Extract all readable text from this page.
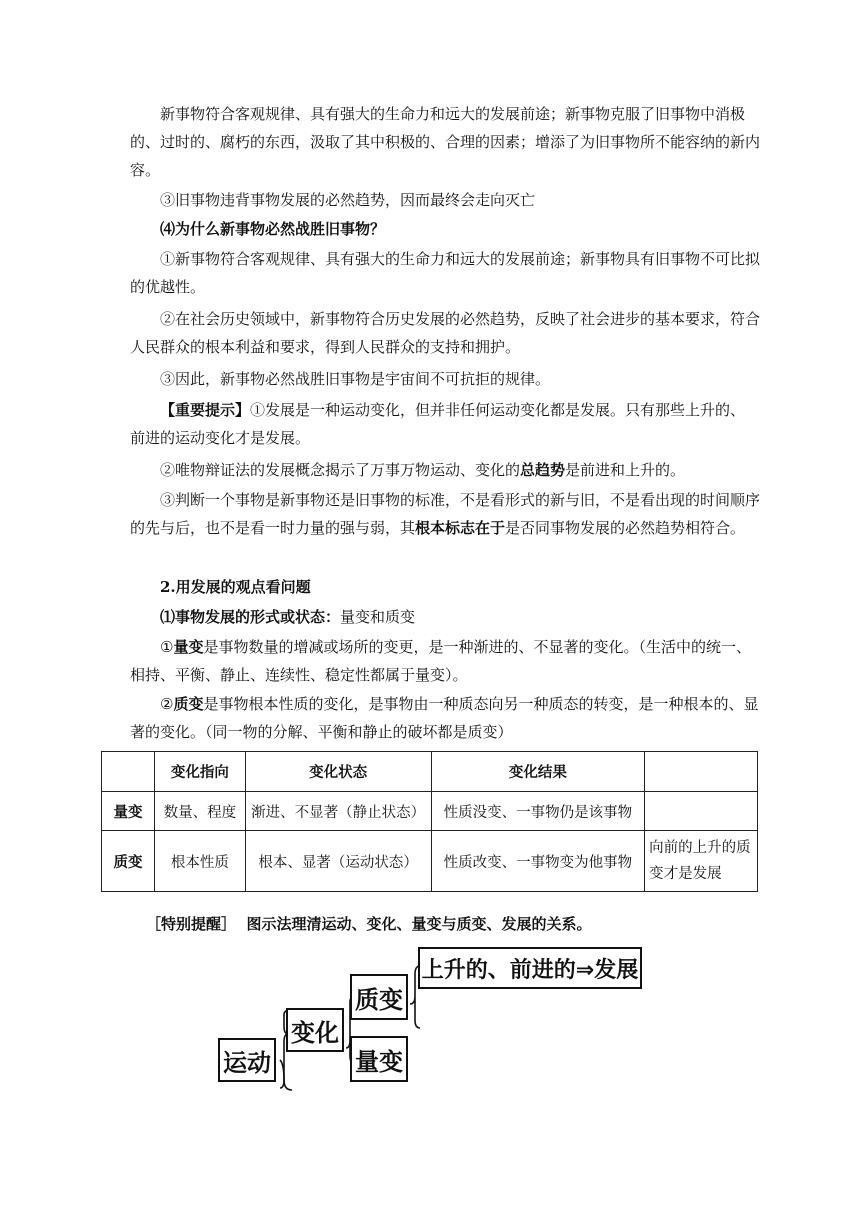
新事物符合客观规律、具有强大的生命力和远大的发展前途；新事物克服了旧事物中消极的、过时的、腐朽的东西，汲取了其中积极的、合理的因素；增添了为旧事物所不能容纳的新内容。

③旧事物违背事物发展的必然趋势，因而最终会走向灭亡

⑷为什么新事物必然战胜旧事物？

①新事物符合客观规律、具有强大的生命力和远大的发展前途；新事物具有旧事物不可比拟的优越性。

②在社会历史领域中，新事物符合历史发展的必然趋势，反映了社会进步的基本要求，符合人民群众的根本利益和要求，得到人民群众的支持和拥护。

③因此，新事物必然战胜旧事物是宇宙间不可抗拒的规律。

【重要提示】①发展是一种运动变化，但并非任何运动变化都是发展。只有那些上升的、前进的运动变化才是发展。

②唯物辩证法的发展概念揭示了万事万物运动、变化的总趋势是前进和上升的。

③判断一个事物是新事物还是旧事物的标准，不是看形式的新与旧，不是看出现的时间顺序的先与后，也不是看一时力量的强与弱，其根本标志在于是否同事物发展的必然趋势相符合。

2.用发展的观点看问题

⑴事物发展的形式或状态：量变和质变

①量变是事物数量的增减或场所的变更，是一种渐进的、不显著的变化。（生活中的统一、相持、平衡、静止、连续性、稳定性都属于量变）。

②质变是事物根本性质的变化，是事物由一种质态向另一种质态的转变，是一种根本的、显著的变化。（同一物的分解、平衡和静止的破坏都是质变）

	变化指向	变化状态	变化结果	
量变	数量、程度	渐进、不显著（静止状态）	性质没变、一事物仍是该事物	
质变	根本性质	根本、显著（运动状态）	性质改变、一事物变为他事物	向前的上升的质变才是发展
［特别提醒］ 图示法理清运动、变化、量变与质变、发展的关系。
运动
变化
质变
量变
上升的、前进的⇒发展
